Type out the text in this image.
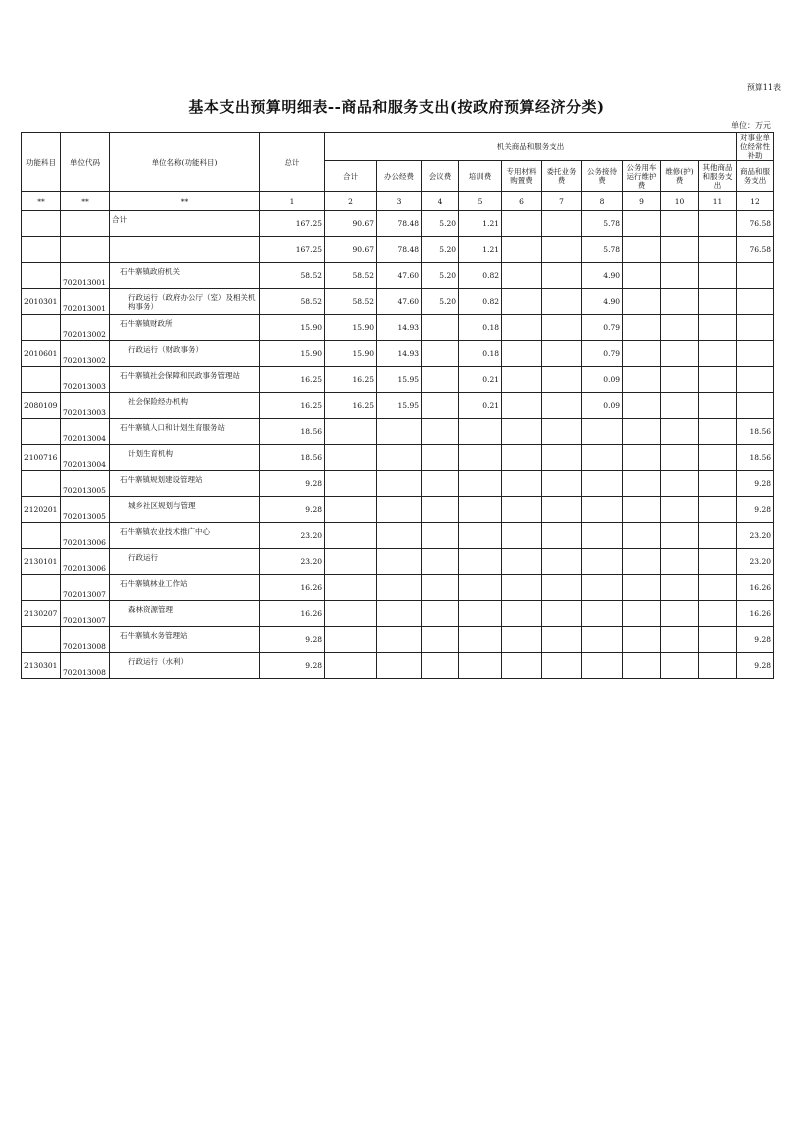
预算11表
基本支出预算明细表--商品和服务支出(按政府预算经济分类)
单位：万元
功能科目	单位代码	单位名称(功能科目)	总计	机关商品和服务支出										对事业单位经常性补助
				合计	办公经费	会议费	培训费	专用材料购置费	委托业务费	公务接待费	公务用车运行维护费	维修(护)费	其他商品和服务支出	商品和服务支出
**	**	**	1	2	3	4	5	6	7	8	9	10	11	12
		合计	167.25	90.67	78.48	5.20	1.21			5.78				76.58
			167.25	90.67	78.48	5.20	1.21			5.78				76.58
	702013001	石牛寨镇政府机关	58.52	58.52	47.60	5.20	0.82			4.90				
2010301	702013001	行政运行（政府办公厅（室）及相关机构事务）	58.52	58.52	47.60	5.20	0.82			4.90				
	702013002	石牛寨镇财政所	15.90	15.90	14.93		0.18			0.79				
2010601	702013002	行政运行（财政事务）	15.90	15.90	14.93		0.18			0.79				
	702013003	石牛寨镇社会保障和民政事务管理站	16.25	16.25	15.95		0.21			0.09				
2080109	702013003	社会保险经办机构	16.25	16.25	15.95		0.21			0.09				
	702013004	石牛寨镇人口和计划生育服务站	18.56											18.56
2100716	702013004	计划生育机构	18.56											18.56
	702013005	石牛寨镇规划建设管理站	9.28											9.28
2120201	702013005	城乡社区规划与管理	9.28											9.28
	702013006	石牛寨镇农业技术推广中心	23.20											23.20
2130101	702013006	行政运行	23.20											23.20
	702013007	石牛寨镇林业工作站	16.26											16.26
2130207	702013007	森林资源管理	16.26											16.26
	702013008	石牛寨镇水务管理站	9.28											9.28
2130301	702013008	行政运行（水利）	9.28											9.28
